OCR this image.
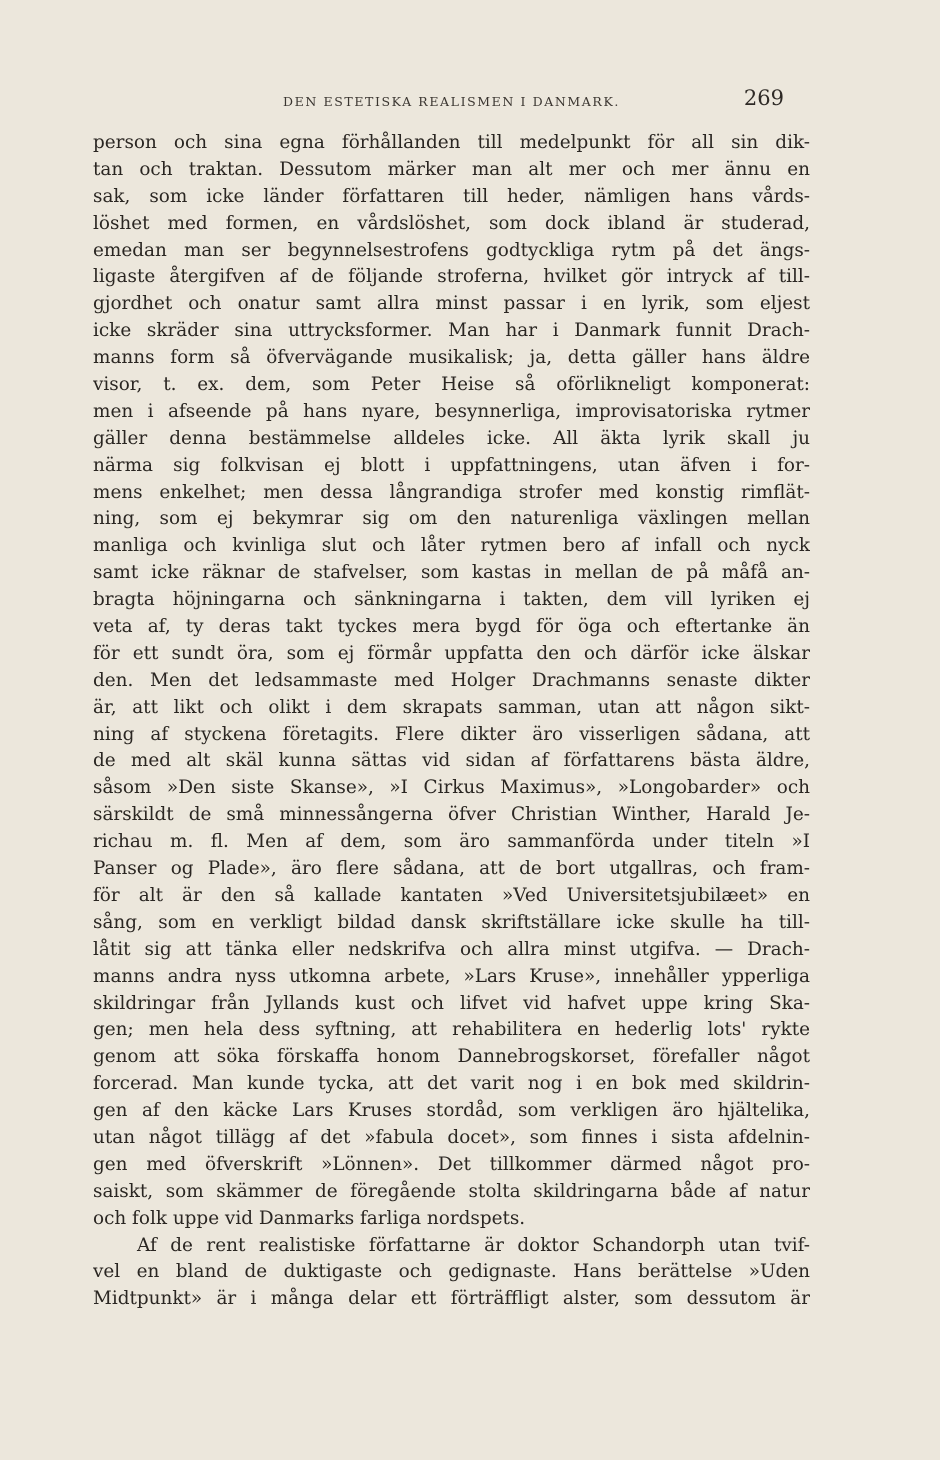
DEN ESTETISKA REALISMEN I DANMARK.	269
person och sina egna förhållanden till medelpunkt för all sin dik-
tan och traktan. Dessutom märker man alt mer och mer ännu en
sak, som icke länder författaren till heder, nämligen hans vårds-
löshet med formen, en vårdslöshet, som dock ibland är studerad,
emedan man ser begynnelsestrofens godtyckliga rytm på det ängs-
ligaste återgifven af de följande stroferna, hvilket gör intryck af till-
gjordhet och onatur samt allra minst passar i en lyrik, som eljest
icke skräder sina uttrycksformer. Man har i Danmark funnit Drach-
manns form så öfvervägande musikalisk; ja, detta gäller hans äldre
visor, t. ex. dem, som Peter Heise så oförlikneligt komponerat:
men i afseende på hans nyare, besynnerliga, improvisatoriska rytmer
gäller denna bestämmelse alldeles icke. All äkta lyrik skall ju
närma sig folkvisan ej blott i uppfattningens, utan äfven i for-
mens enkelhet; men dessa långrandiga strofer med konstig rimflät-
ning, som ej bekymrar sig om den naturenliga växlingen mellan
manliga och kvinliga slut och låter rytmen bero af infall och nyck
samt icke räknar de stafvelser, som kastas in mellan de på måfå an-
bragta höjningarna och sänkningarna i takten, dem vill lyriken ej
veta af, ty deras takt tyckes mera bygd för öga och eftertanke än
för ett sundt öra, som ej förmår uppfatta den och därför icke älskar
den. Men det ledsammaste med Holger Drachmanns senaste dikter
är, att likt och olikt i dem skrapats samman, utan att någon sikt-
ning af styckena företagits. Flere dikter äro visserligen sådana, att
de med alt skäl kunna sättas vid sidan af författarens bästa äldre,
såsom »Den siste Skanse», »I Cirkus Maximus», »Longobarder» och
särskildt de små minnessångerna öfver Christian Winther, Harald Je-
richau m. fl. Men af dem, som äro sammanförda under titeln »I
Panser og Plade», äro flere sådana, att de bort utgallras, och fram-
för alt är den så kallade kantaten »Ved Universitetsjubilæet» en
sång, som en verkligt bildad dansk skriftställare icke skulle ha till-
låtit sig att tänka eller nedskrifva och allra minst utgifva. — Drach-
manns andra nyss utkomna arbete, »Lars Kruse», innehåller ypperliga
skildringar från Jyllands kust och lifvet vid hafvet uppe kring Ska-
gen; men hela dess syftning, att rehabilitera en hederlig lots' rykte
genom att söka förskaffa honom Dannebrogskorset, förefaller något
forcerad. Man kunde tycka, att det varit nog i en bok med skildrin-
gen af den käcke Lars Kruses stordåd, som verkligen äro hjältelika,
utan något tillägg af det »fabula docet», som finnes i sista afdelnin-
gen med öfverskrift »Lönnen». Det tillkommer därmed något pro-
saiskt, som skämmer de föregående stolta skildringarna både af natur
och folk uppe vid Danmarks farliga nordspets.
Af de rent realistiske författarne är doktor Schandorph utan tvif-
vel en bland de duktigaste och gedignaste. Hans berättelse »Uden
Midtpunkt» är i många delar ett förträffligt alster, som dessutom är
